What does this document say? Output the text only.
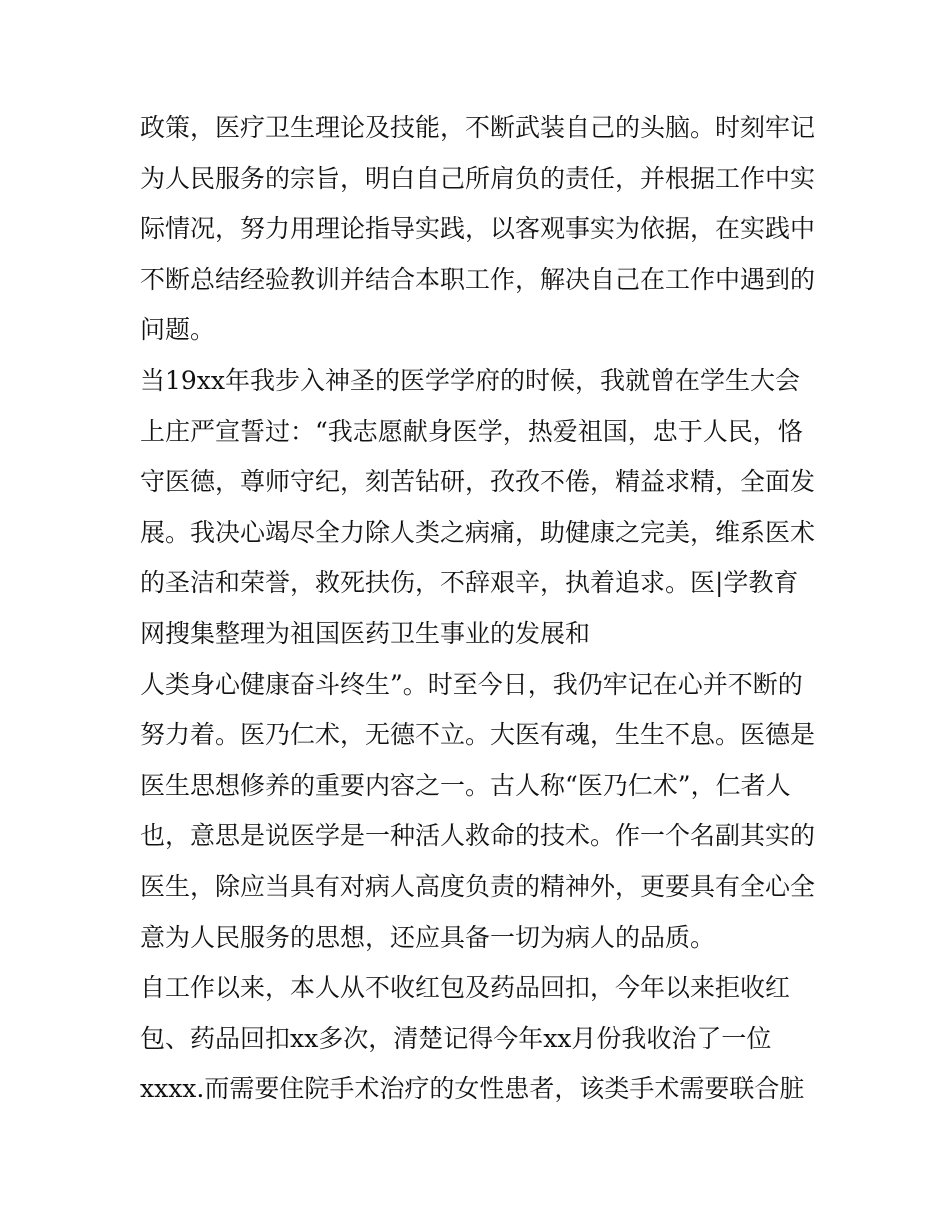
政策，医疗卫生理论及技能，不断武装自己的头脑。时刻牢记
为人民服务的宗旨，明白自己所肩负的责任，并根据工作中实
际情况，努力用理论指导实践，以客观事实为依据，在实践中
不断总结经验教训并结合本职工作，解决自己在工作中遇到的
问题。
当19xx年我步入神圣的医学学府的时候，我就曾在学生大会
上庄严宣誓过：“我志愿献身医学，热爱祖国，忠于人民，恪
守医德，尊师守纪，刻苦钻研，孜孜不倦，精益求精，全面发
展。我决心竭尽全力除人类之病痛，助健康之完美，维系医术
的圣洁和荣誉，救死扶伤，不辞艰辛，执着追求。医|学教育
网搜集整理为祖国医药卫生事业的发展和
人类身心健康奋斗终生”。时至今日，我仍牢记在心并不断的
努力着。医乃仁术，无德不立。大医有魂，生生不息。医德是
医生思想修养的重要内容之一。古人称“医乃仁术”，仁者人
也，意思是说医学是一种活人救命的技术。作一个名副其实的
医生，除应当具有对病人高度负责的精神外，更要具有全心全
意为人民服务的思想，还应具备一切为病人的品质。
自工作以来，本人从不收红包及药品回扣，今年以来拒收红
包、药品回扣xx多次，清楚记得今年xx月份我收治了一位
xxxx.而需要住院手术治疗的女性患者，该类手术需要联合脏
